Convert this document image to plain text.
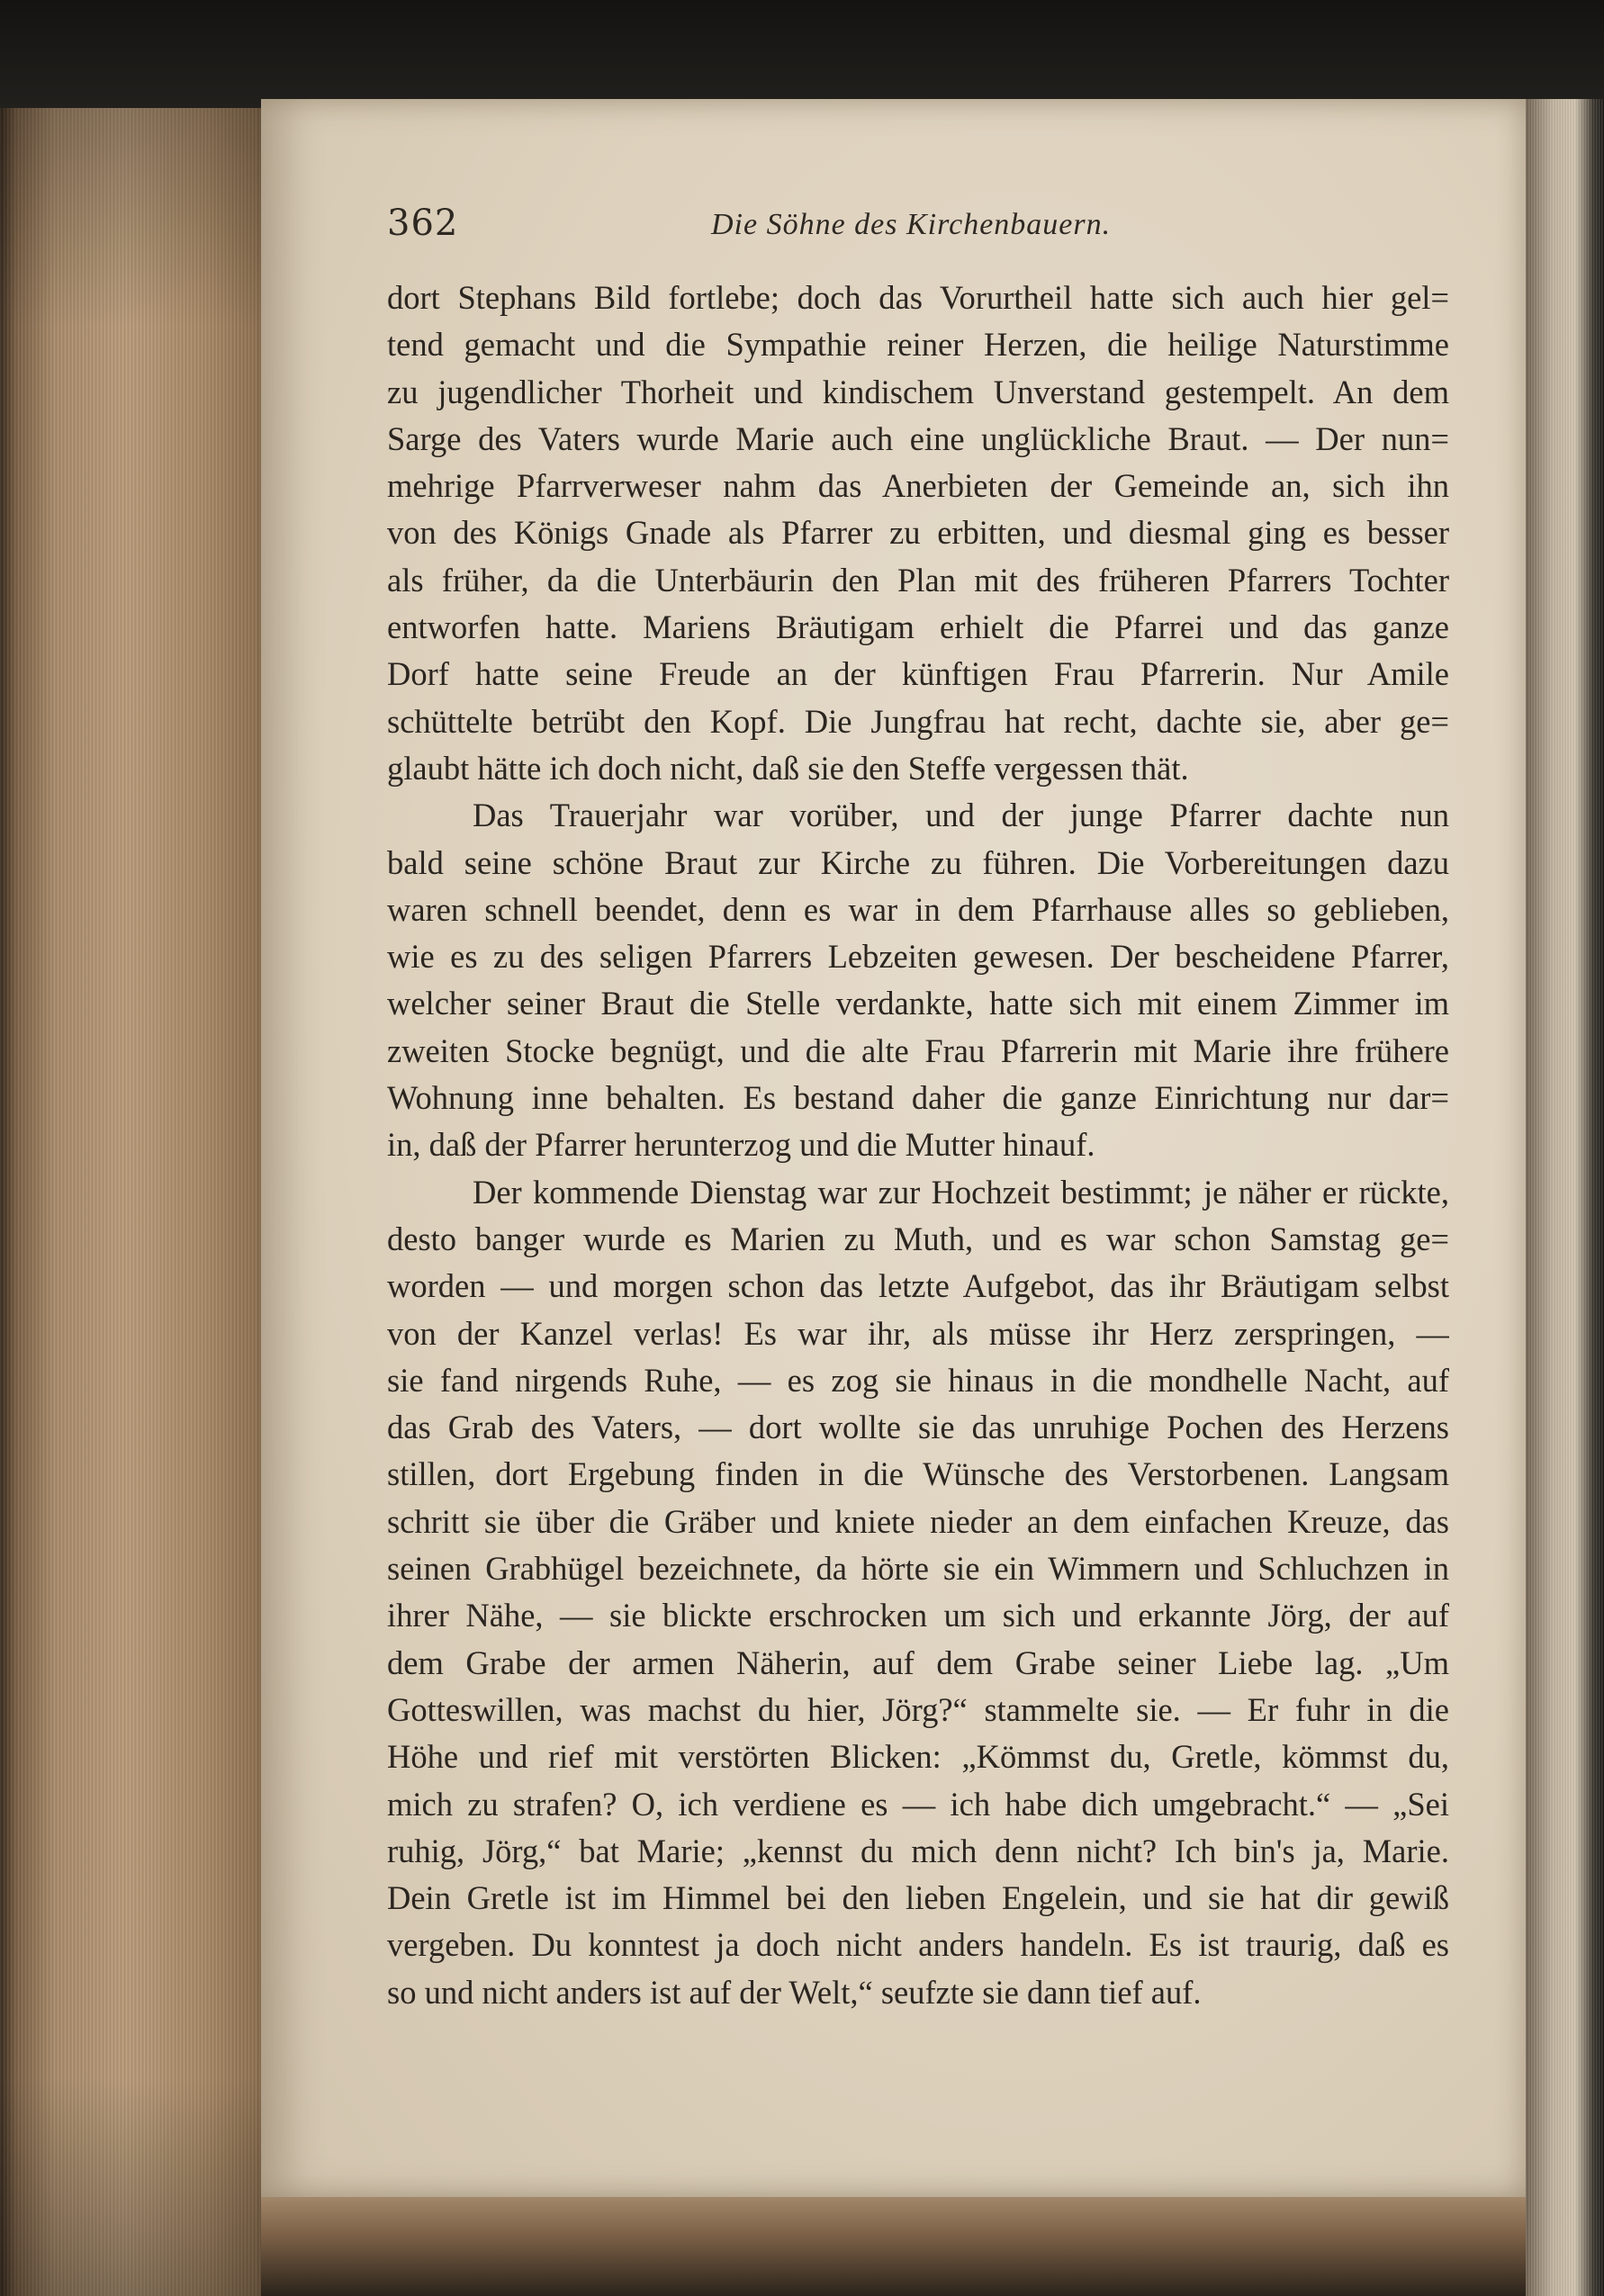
362	Die Söhne des Kirchenbauern.
dort Stephans Bild fortlebe; doch das Vorurtheil hatte sich auch hier gel=
tend gemacht und die Sympathie reiner Herzen, die heilige Naturstimme
zu jugendlicher Thorheit und kindischem Unverstand gestempelt. An dem
Sarge des Vaters wurde Marie auch eine unglückliche Braut. — Der nun=
mehrige Pfarrverweser nahm das Anerbieten der Gemeinde an, sich ihn
von des Königs Gnade als Pfarrer zu erbitten, und diesmal ging es besser
als früher, da die Unterbäurin den Plan mit des früheren Pfarrers Tochter
entworfen hatte. Mariens Bräutigam erhielt die Pfarrei und das ganze
Dorf hatte seine Freude an der künftigen Frau Pfarrerin. Nur Amile
schüttelte betrübt den Kopf. Die Jungfrau hat recht, dachte sie, aber ge=
glaubt hätte ich doch nicht, daß sie den Steffe vergessen thät.
Das Trauerjahr war vorüber, und der junge Pfarrer dachte nun
bald seine schöne Braut zur Kirche zu führen. Die Vorbereitungen dazu
waren schnell beendet, denn es war in dem Pfarrhause alles so geblieben,
wie es zu des seligen Pfarrers Lebzeiten gewesen. Der bescheidene Pfarrer,
welcher seiner Braut die Stelle verdankte, hatte sich mit einem Zimmer im
zweiten Stocke begnügt, und die alte Frau Pfarrerin mit Marie ihre frühere
Wohnung inne behalten. Es bestand daher die ganze Einrichtung nur dar=
in, daß der Pfarrer herunterzog und die Mutter hinauf.
Der kommende Dienstag war zur Hochzeit bestimmt; je näher er rückte,
desto banger wurde es Marien zu Muth, und es war schon Samstag ge=
worden — und morgen schon das letzte Aufgebot, das ihr Bräutigam selbst
von der Kanzel verlas! Es war ihr, als müsse ihr Herz zerspringen, —
sie fand nirgends Ruhe, — es zog sie hinaus in die mondhelle Nacht, auf
das Grab des Vaters, — dort wollte sie das unruhige Pochen des Herzens
stillen, dort Ergebung finden in die Wünsche des Verstorbenen. Langsam
schritt sie über die Gräber und kniete nieder an dem einfachen Kreuze, das
seinen Grabhügel bezeichnete, da hörte sie ein Wimmern und Schluchzen in
ihrer Nähe, — sie blickte erschrocken um sich und erkannte Jörg, der auf
dem Grabe der armen Näherin, auf dem Grabe seiner Liebe lag. „Um
Gotteswillen, was machst du hier, Jörg?“ stammelte sie. — Er fuhr in die
Höhe und rief mit verstörten Blicken: „Kömmst du, Gretle, kömmst du,
mich zu strafen? O, ich verdiene es — ich habe dich umgebracht.“ — „Sei
ruhig, Jörg,“ bat Marie; „kennst du mich denn nicht? Ich bin's ja, Marie.
Dein Gretle ist im Himmel bei den lieben Engelein, und sie hat dir gewiß
vergeben. Du konntest ja doch nicht anders handeln. Es ist traurig, daß es
so und nicht anders ist auf der Welt,“ seufzte sie dann tief auf.
